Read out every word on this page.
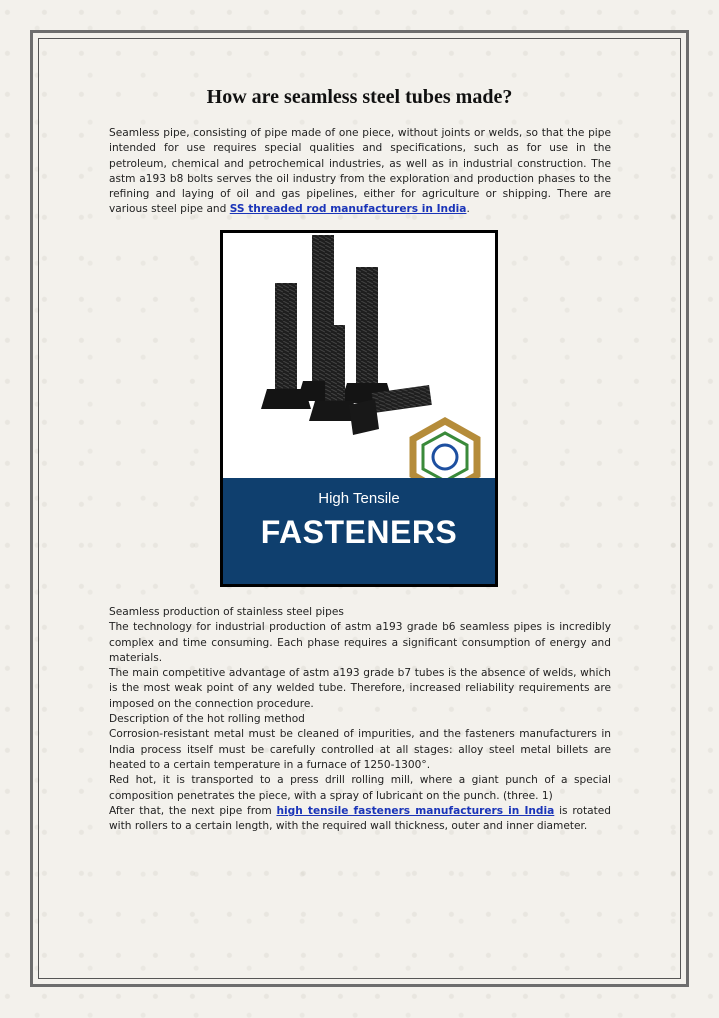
How are seamless steel tubes made?
Seamless pipe, consisting of pipe made of one piece, without joints or welds, so that the pipe intended for use requires special qualities and specifications, such as for use in the petroleum, chemical and petrochemical industries, as well as in industrial construction. The astm a193 b8 bolts serves the oil industry from the exploration and production phases to the refining and laying of oil and gas pipelines, either for agriculture or shipping. There are various steel pipe and SS threaded rod manufacturers in India.
High Tensile
FASTENERS
Seamless production of stainless steel pipes
The technology for industrial production of astm a193 grade b6 seamless pipes is incredibly complex and time consuming. Each phase requires a significant consumption of energy and materials.
The main competitive advantage of astm a193 grade b7 tubes is the absence of welds, which is the most weak point of any welded tube. Therefore, increased reliability requirements are imposed on the connection procedure.
Description of the hot rolling method
Corrosion-resistant metal must be cleaned of impurities, and the fasteners manufacturers in India process itself must be carefully controlled at all stages: alloy steel metal billets are heated to a certain temperature in a furnace of 1250-1300°.
Red hot, it is transported to a press drill rolling mill, where a giant punch of a special composition penetrates the piece, with a spray of lubricant on the punch. (three. 1)
After that, the next pipe from high tensile fasteners manufacturers in India is rotated with rollers to a certain length, with the required wall thickness, outer and inner diameter.
